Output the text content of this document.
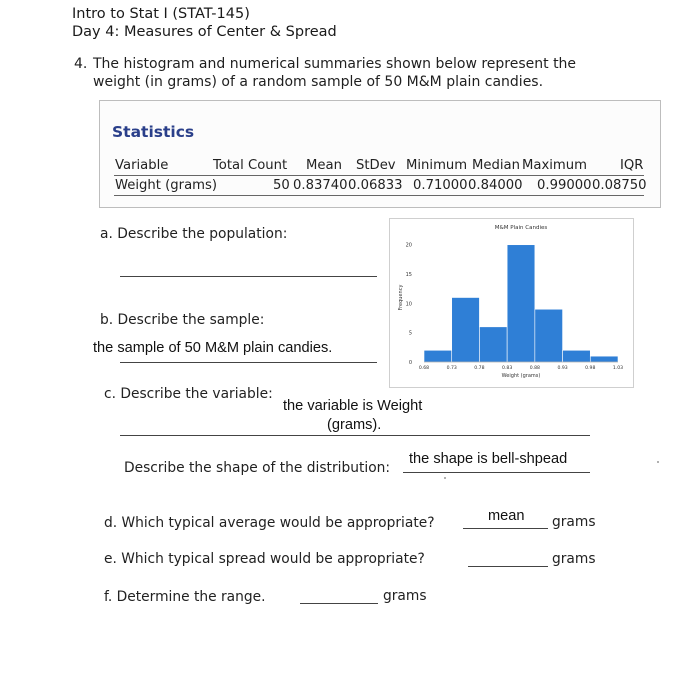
Intro to Stat I (STAT-145)
Day 4: Measures of Center & Spread
4. The histogram and numerical summaries shown below represent the
weight (in grams) of a random sample of 50 M&M plain candies.
Statistics
Variable	Total Count Mean StDev Minimum Median Maximum	IQR
Weight (grams)	50 0.83740 0.06833 0.71000 0.84000 0.99000 0.08750
a. Describe the population:
b. Describe the sample:
the sample of 50 M&M plain candies.
M&M Plain Candies
Frequency
0
5
10
15
20
0.68	0.73	0.78	0.83	0.88	0.93	0.98	1.03
Weight (grams)
c. Describe the variable:
the variable is Weight
(grams).
Describe the shape of the distribution:
the shape is bell-shpead
d. Which typical average would be appropriate?	mean grams
e. Which typical spread would be appropriate?	grams
f. Determine the range.	grams
